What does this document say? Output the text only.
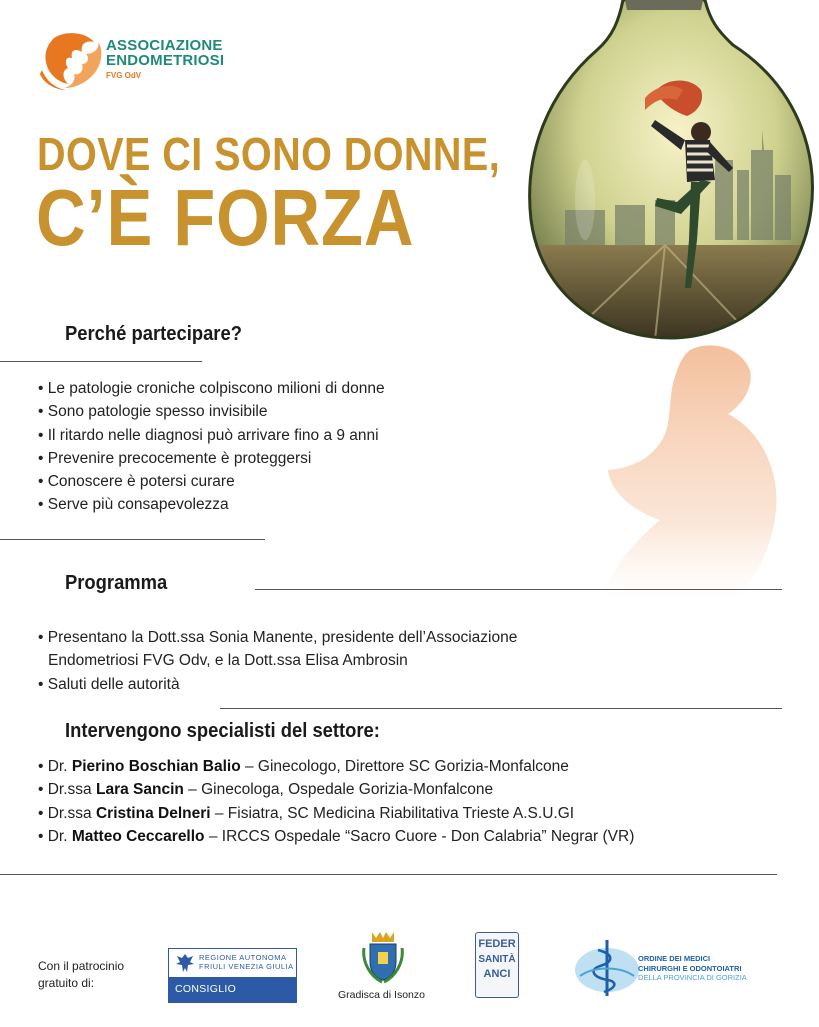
ASSOCIAZIONE
ENDOMETRIOSI
FVG OdV
DOVE CI SONO DONNE,
C’È FORZA
Perché partecipare?
• Le patologie croniche colpiscono milioni di donne
• Sono patologie spesso invisibile
• Il ritardo nelle diagnosi può arrivare fino a 9 anni
• Prevenire precocemente è proteggersi
• Conoscere è potersi curare
• Serve più consapevolezza
Programma
• Presentano la Dott.ssa Sonia Manente, presidente dell’Associazione
Endometriosi FVG Odv, e la Dott.ssa Elisa Ambrosin
• Saluti delle autorità
Intervengono specialisti del settore:
• Dr. Pierino Boschian Balio – Ginecologo, Direttore SC Gorizia-Monfalcone
• Dr.ssa Lara Sancin – Ginecologa, Ospedale Gorizia-Monfalcone
• Dr.ssa Cristina Delneri – Fisiatra, SC Medicina Riabilitativa Trieste A.S.U.GI
• Dr. Matteo Ceccarello – IRCCS Ospedale “Sacro Cuore - Don Calabria” Negrar (VR)
Con il patrocinio
gratuito di:
REGIONE AUTONOMA
FRIULI VENEZIA GIULIA
CONSIGLIO REGIONALE
Gradisca di Isonzo
FEDER
SANITÀ
ANCI
ORDINE DEI MEDICI
CHIRURGHI E ODONTOIATRI
DELLA PROVINCIA DI GORIZIA
